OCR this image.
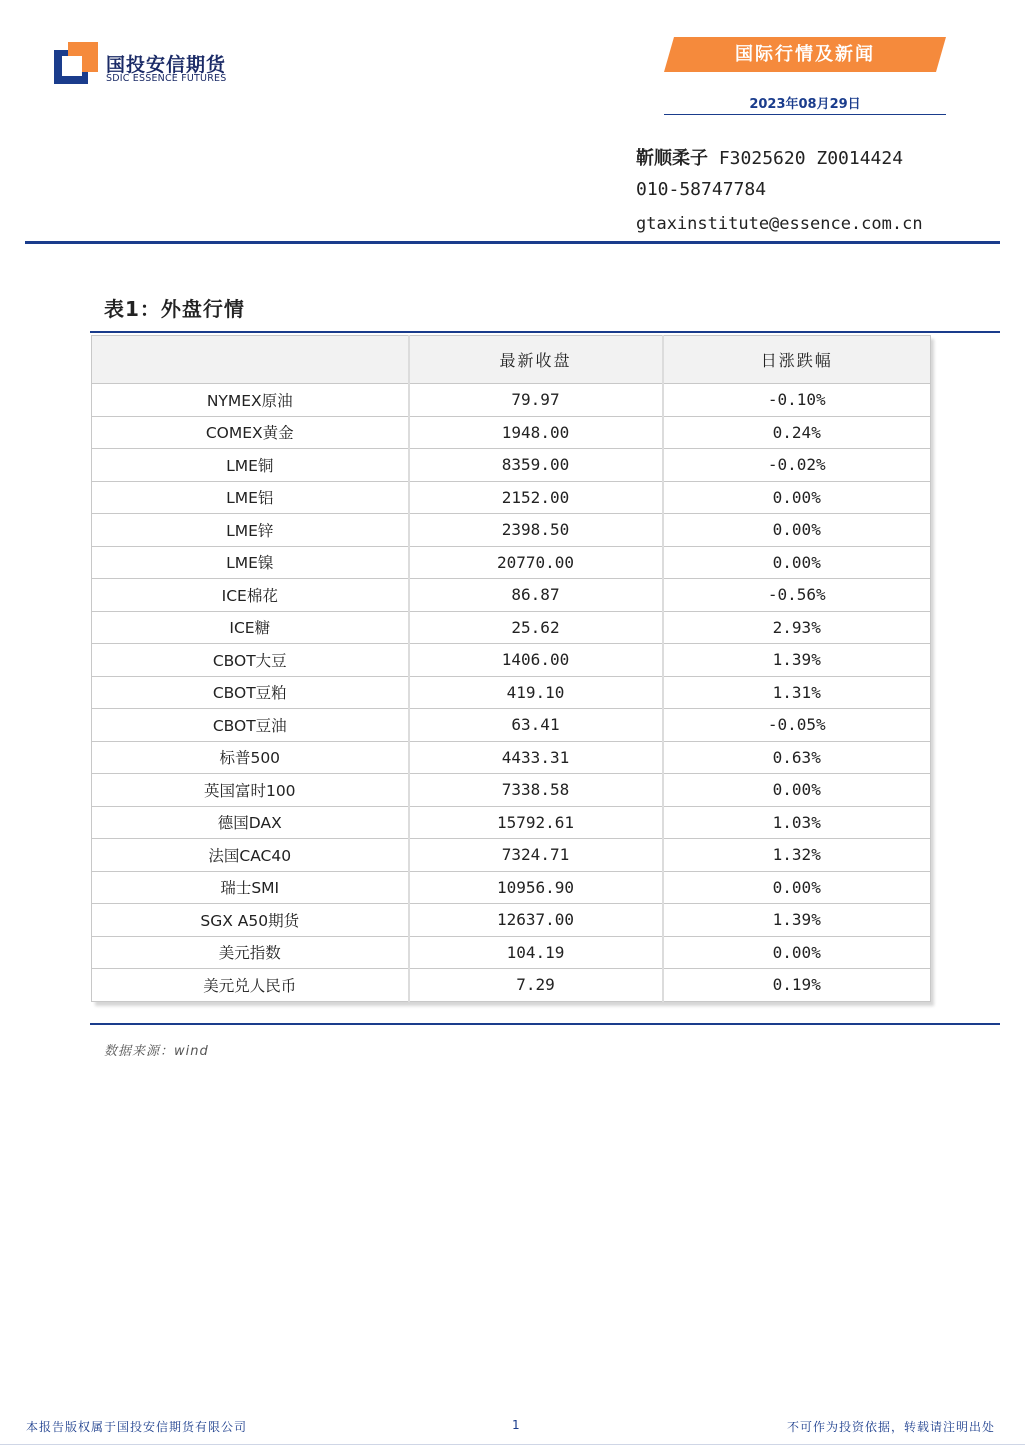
国投安信期货
SDIC ESSENCE FUTURES
国际行情及新闻
2023年08月29日
靳顺柔子 F3025620 Z0014424
010-58747784
gtaxinstitute@essence.com.cn
表1：外盘行情
	最新收盘	日涨跌幅
NYMEX原油	79.97	-0.10%
COMEX黄金	1948.00	0.24%
LME铜	8359.00	-0.02%
LME铝	2152.00	0.00%
LME锌	2398.50	0.00%
LME镍	20770.00	0.00%
ICE棉花	86.87	-0.56%
ICE糖	25.62	2.93%
CBOT大豆	1406.00	1.39%
CBOT豆粕	419.10	1.31%
CBOT豆油	63.41	-0.05%
标普500	4433.31	0.63%
英国富时100	7338.58	0.00%
德国DAX	15792.61	1.03%
法国CAC40	7324.71	1.32%
瑞士SMI	10956.90	0.00%
SGX A50期货	12637.00	1.39%
美元指数	104.19	0.00%
美元兑人民币	7.29	0.19%
数据来源：wind
本报告版权属于国投安信期货有限公司	1	不可作为投资依据，转载请注明出处
